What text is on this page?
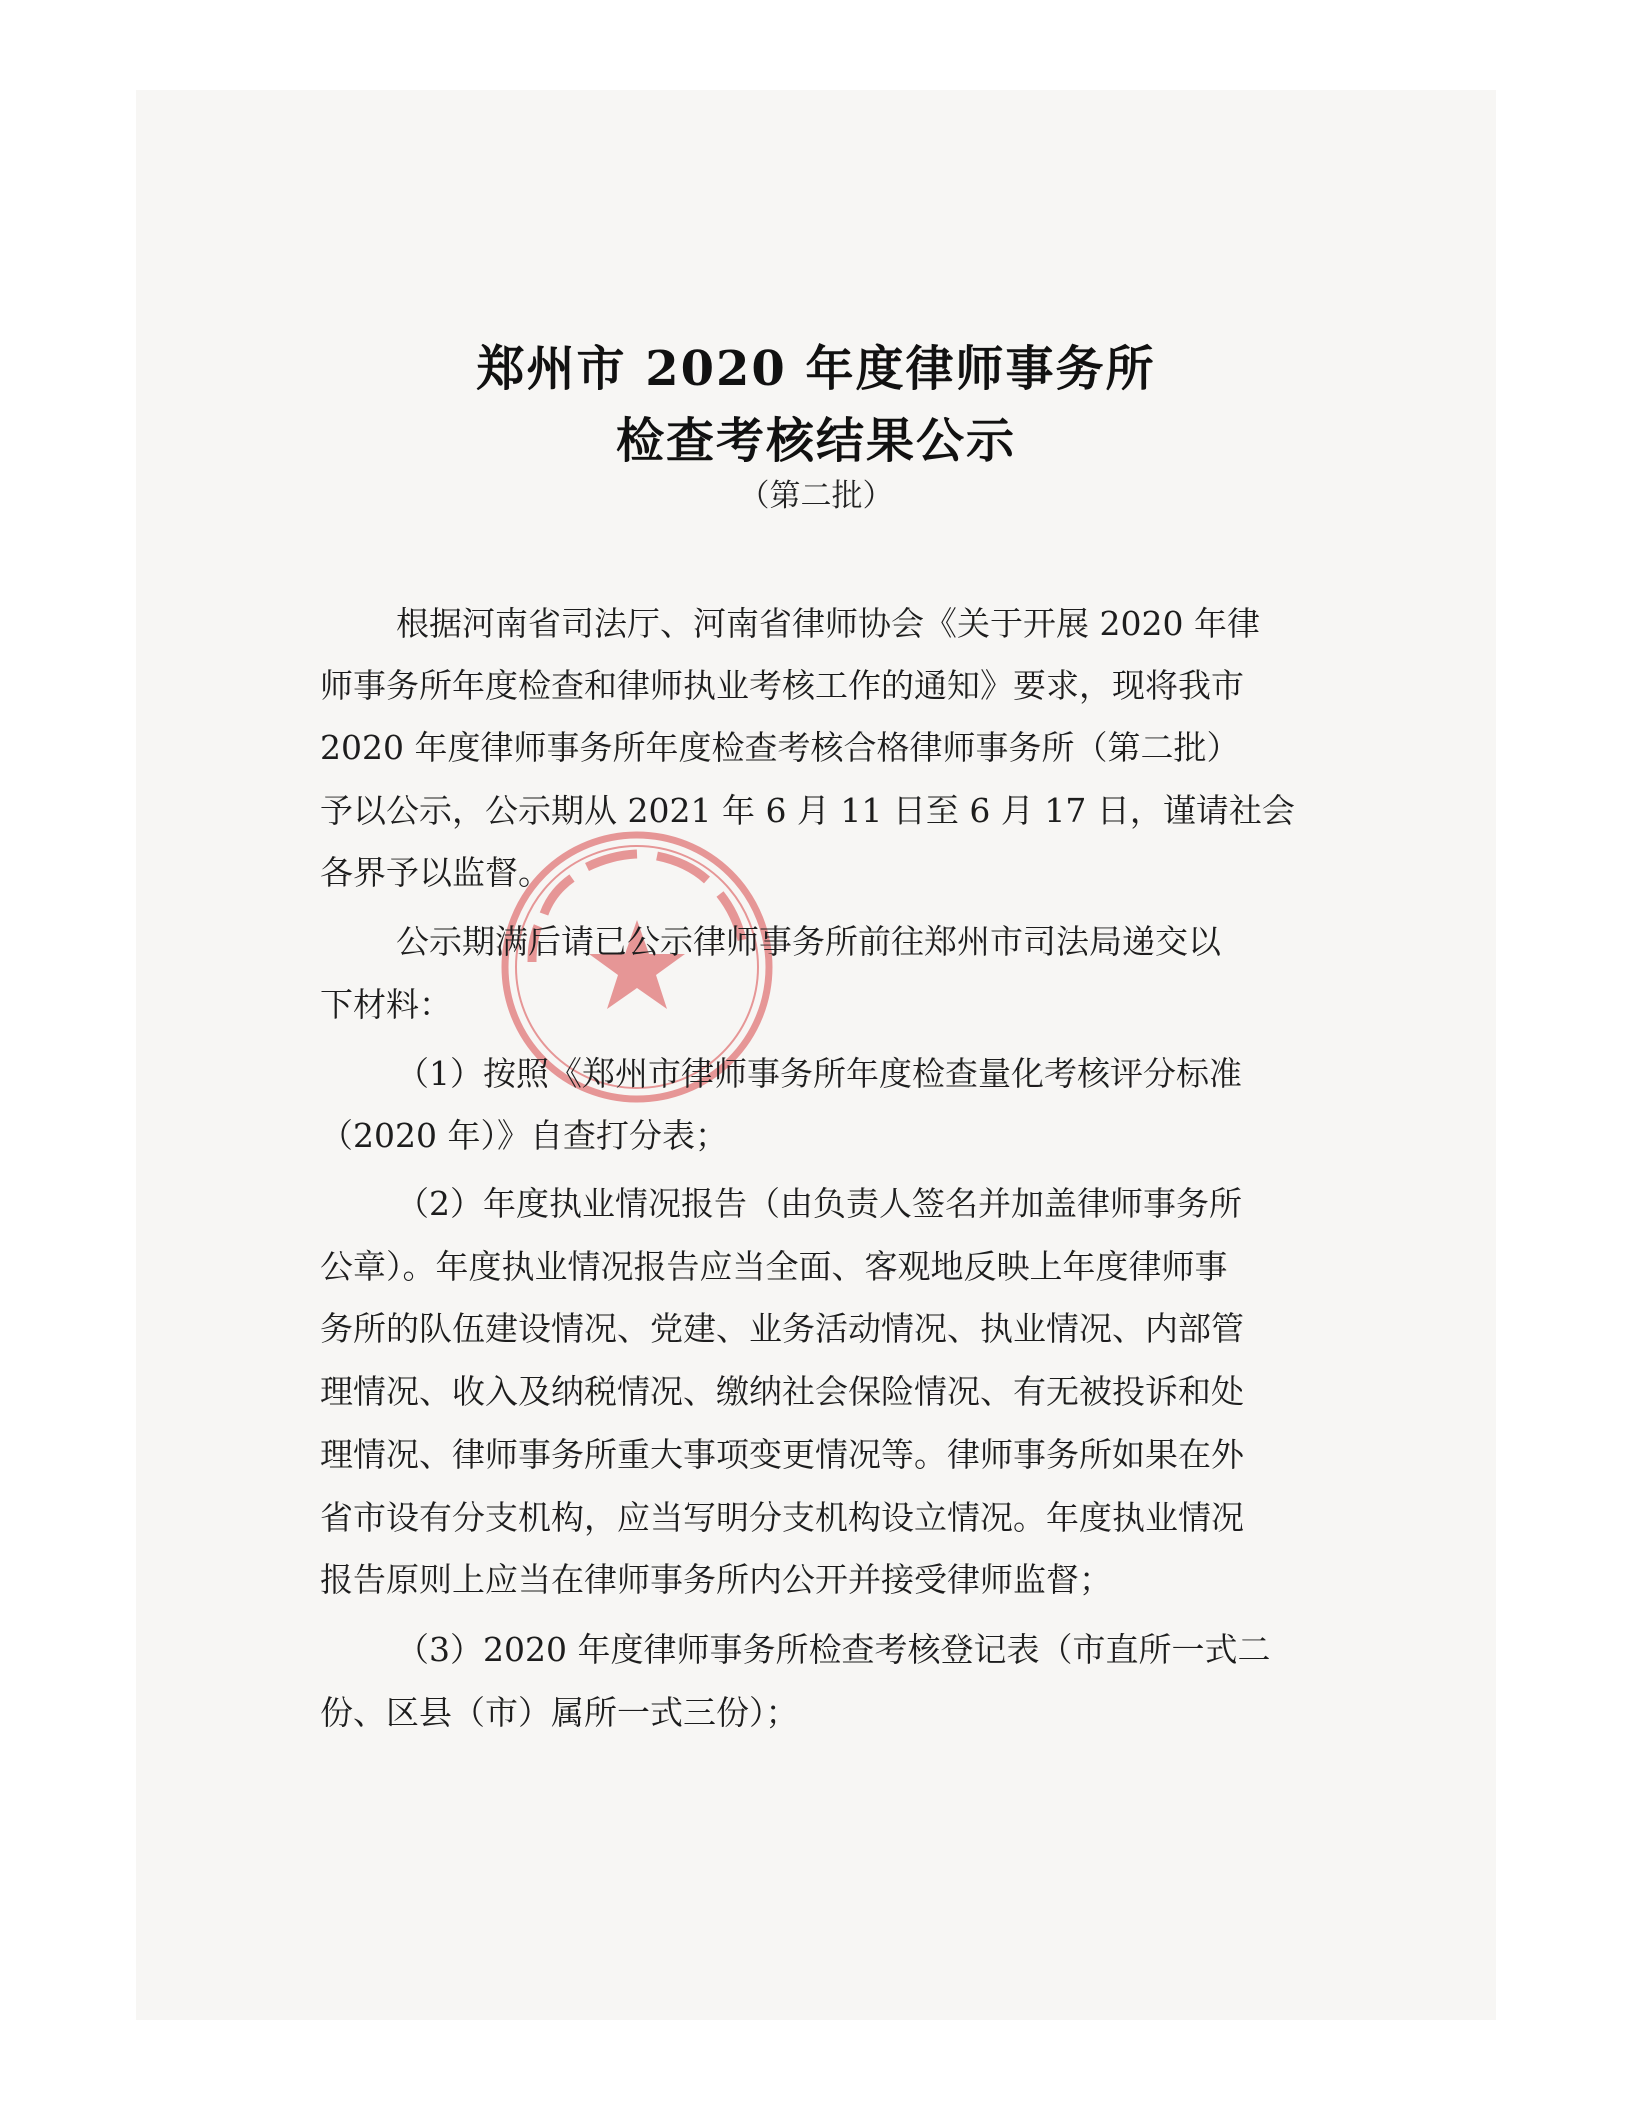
郑州市 2020 年度律师事务所
检查考核结果公示
（第二批）
根据河南省司法厅、河南省律师协会《关于开展 2020 年律
师事务所年度检查和律师执业考核工作的通知》要求，现将我市
2020 年度律师事务所年度检查考核合格律师事务所（第二批）
予以公示，公示期从 2021 年 6 月 11 日至 6 月 17 日，谨请社会
各界予以监督。
公示期满后请已公示律师事务所前往郑州市司法局递交以
下材料：
（1）按照《郑州市律师事务所年度检查量化考核评分标准
（2020 年）》自查打分表；
（2）年度执业情况报告（由负责人签名并加盖律师事务所
公章）。年度执业情况报告应当全面、客观地反映上年度律师事
务所的队伍建设情况、党建、业务活动情况、执业情况、内部管
理情况、收入及纳税情况、缴纳社会保险情况、有无被投诉和处
理情况、律师事务所重大事项变更情况等。律师事务所如果在外
省市设有分支机构，应当写明分支机构设立情况。年度执业情况
报告原则上应当在律师事务所内公开并接受律师监督；
（3）2020 年度律师事务所检查考核登记表（市直所一式二
份、区县（市）属所一式三份）；
